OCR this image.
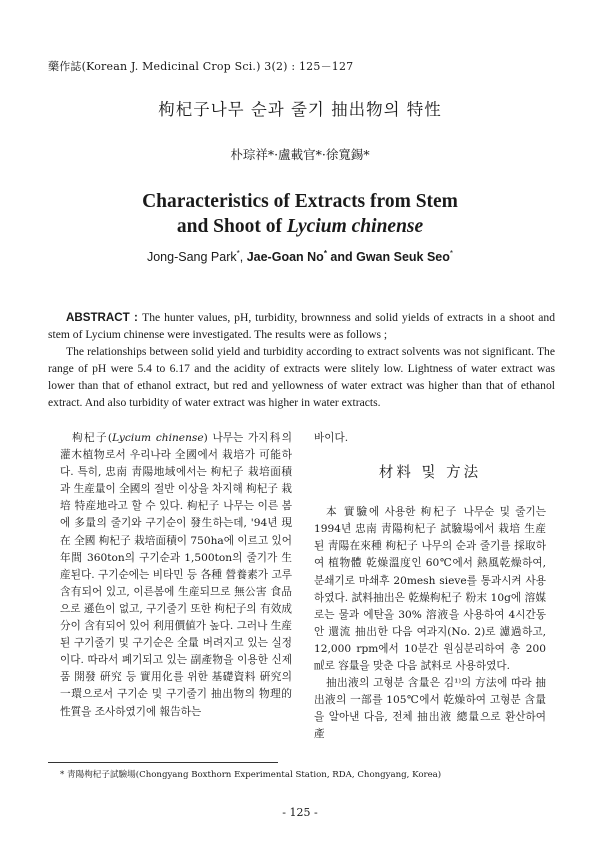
藥作誌(Korean J. Medicinal Crop Sci.) 3(2) : 125－127
枸杞子나무 순과 줄기 抽出物의 特性
朴琮祥*·盧載官*·徐寬錫*
Characteristics of Extracts from Stem
and Shoot of Lycium chinense
Jong-Sang Park*, Jae-Goan No* and Gwan Seuk Seo*

ABSTRACT : The hunter values, pH, turbidity, brownness and solid yields of extracts in a shoot and stem of Lycium chinense were investigated. The results were as follows ;

The relationships between solid yield and turbidity according to extract solvents was not significant. The range of pH were 5.4 to 6.17 and the acidity of extracts were slitely low. Lightness of water extract was lower than that of ethanol extract, but red and yellowness of water extract was higher than that of ethanol extract. And also turbidity of water extract was higher in water extracts.

枸杞子(Lycium chinense) 나무는 가지科의 灌木植物로서 우리나라 全國에서 栽培가 可能하다. 특히, 忠南 靑陽地域에서는 枸杞子 栽培面積과 生産量이 全國의 절반 이상을 차지해 枸杞子 栽培 特産地라고 할 수 있다. 枸杞子 나무는 이른 봄에 多量의 줄기와 구기순이 發生하는데, '94년 現在 全國 枸杞子 栽培面積이 750ha에 이르고 있어 年間 360ton의 구기순과 1,500ton의 줄기가 生産된다. 구기순에는 비타민 등 各種 營養素가 고루 含有되어 있고, 이른봄에 生産되므로 無公害 食品으로 遜色이 없고, 구기줄기 또한 枸杞子의 有效成分이 含有되어 있어 利用價値가 높다. 그러나 生産된 구기줄기 및 구기순은 全量 버려지고 있는 실정이다. 따라서 폐기되고 있는 副產物을 이용한 신제품 開發 硏究 등 實用化를 위한 基礎資料 硏究의 一環으로서 구기순 및 구기줄기 抽出物의 物理的 性質을 조사하였기에 報告하는

바이다.

材料 및 方法

本 實驗에 사용한 枸杞子 나무순 및 줄기는 1994년 忠南 靑陽枸杞子 試驗場에서 栽培 生産된 靑陽在來種 枸杞子 나무의 순과 줄기를 採取하여 植物體 乾燥溫度인 60℃에서 熱風乾燥하여, 분쇄기로 마쇄후 20mesh sieve를 통과시켜 사용하였다. 試料抽出은 乾燥枸杞子 粉末 10g에 溶媒로는 물과 에탄올 30% 溶液을 사용하여 4시간동안 還流 抽出한 다음 여과지(No. 2)로 濾過하고, 12,000 rpm에서 10분간 원심분리하여 총 200㎖로 容量을 맞춘 다음 試料로 사용하였다.

抽出液의 고형분 含量은 김¹⁾의 方法에 따라 抽出液의 一部를 105℃에서 乾燥하여 고형분 含量을 알아낸 다음, 전체 抽出液 總量으로 환산하여 產

* 靑陽枸杞子試驗場(Chongyang Boxthorn Experimental Station, RDA, Chongyang, Korea)
- 125 -
